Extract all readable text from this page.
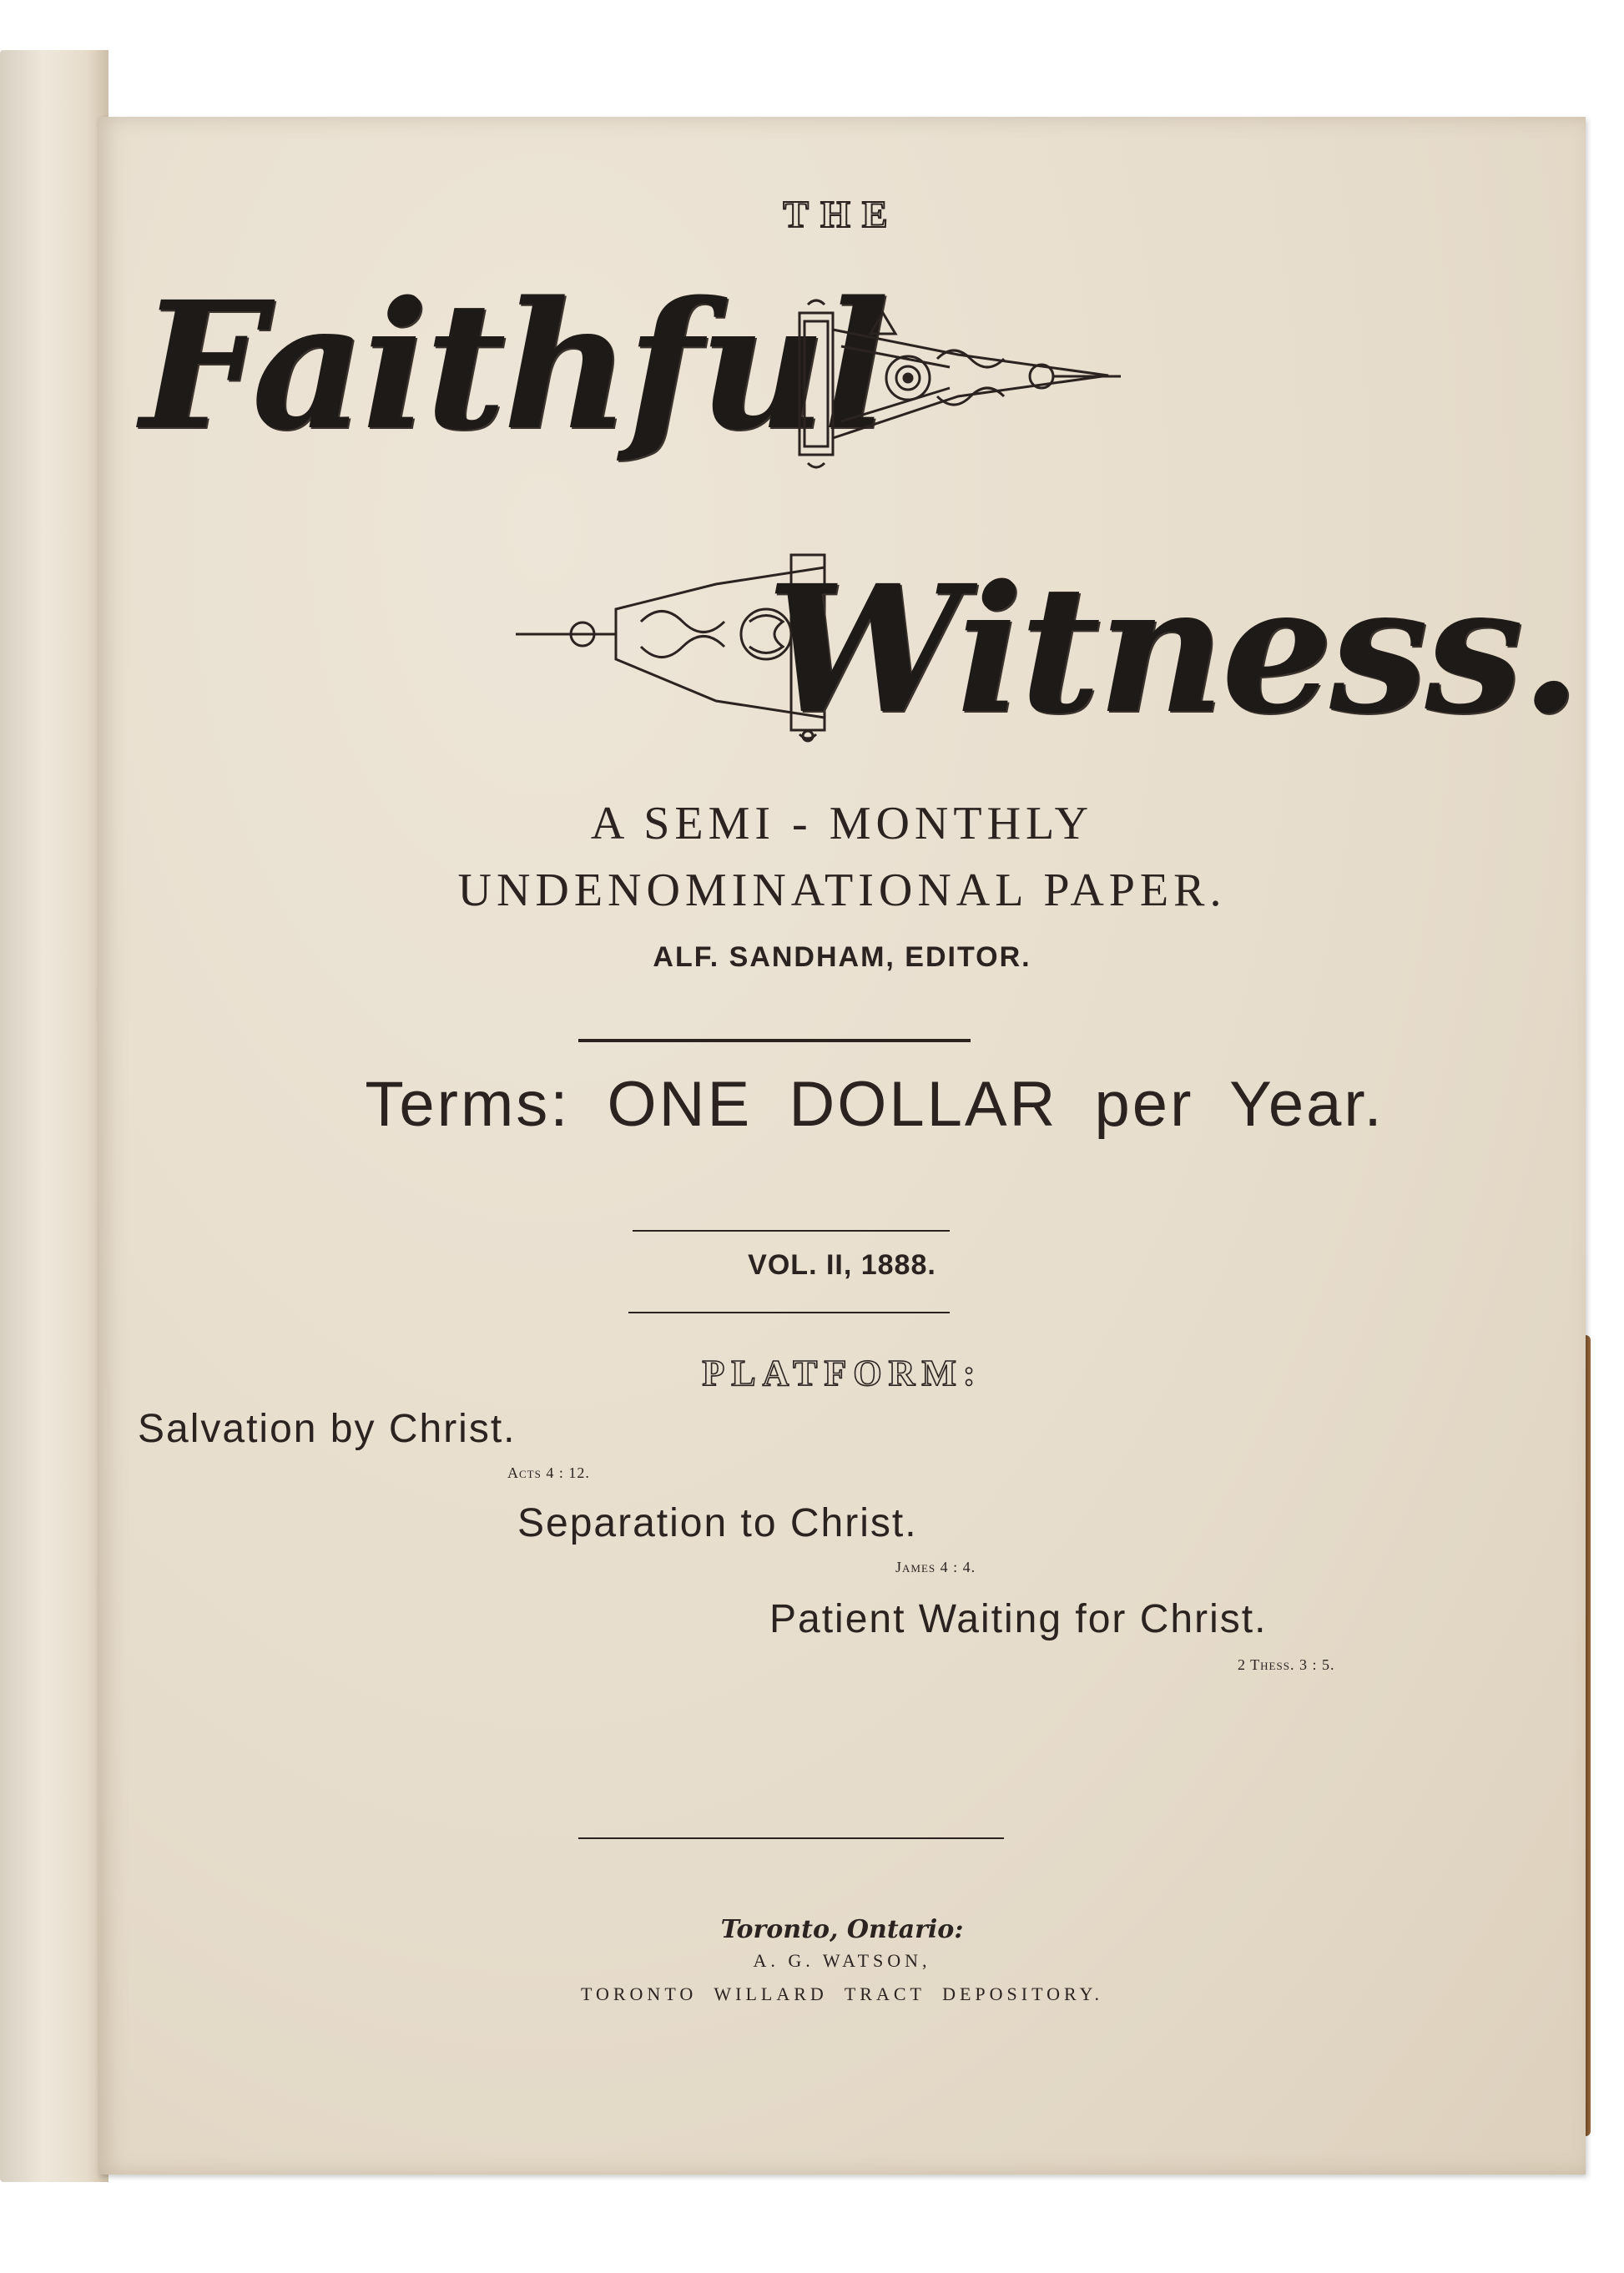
THE
Faithful
Witness.
A SEMI - MONTHLY
UNDENOMINATIONAL PAPER.
ALF. SANDHAM, EDITOR.
Terms: ONE DOLLAR per Year.
VOL. II, 1888.
PLATFORM:
Salvation by Christ.
Acts 4 : 12.
Separation to Christ.
James 4 : 4.
Patient Waiting for Christ.
2 Thess. 3 : 5.
Toronto, Ontario:
A. G. WATSON,
TORONTO WILLARD TRACT DEPOSITORY.
